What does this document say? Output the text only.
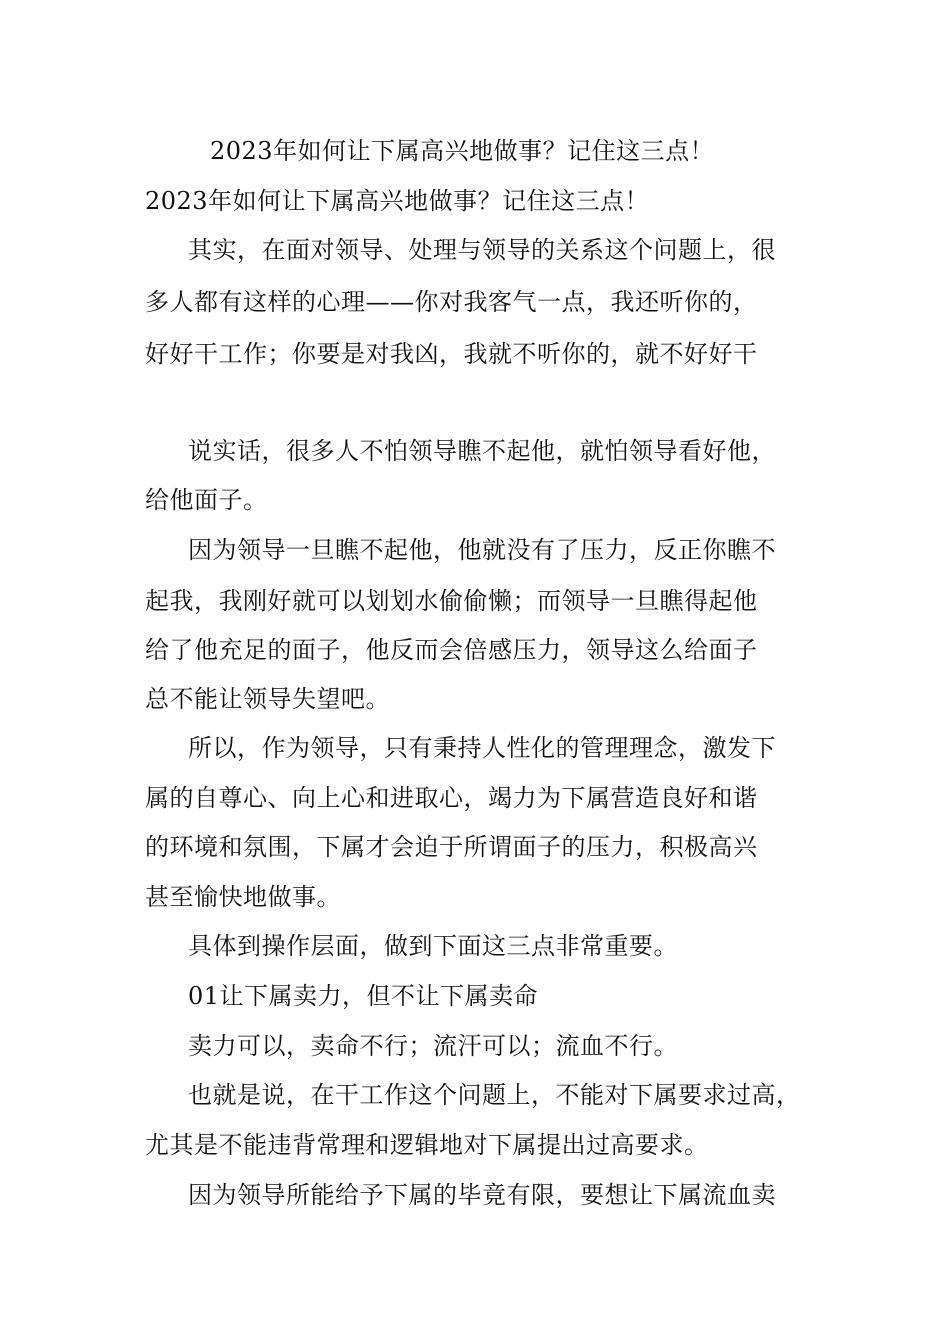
2023年如何让下属高兴地做事？记住这三点！
2023年如何让下属高兴地做事？记住这三点！
其实，在面对领导、处理与领导的关系这个问题上，很
多人都有这样的心理——你对我客气一点，我还听你的，
好好干工作；你要是对我凶，我就不听你的，就不好好干
说实话，很多人不怕领导瞧不起他，就怕领导看好他，
给他面子。
因为领导一旦瞧不起他，他就没有了压力，反正你瞧不
起我，我刚好就可以划划水偷偷懒；而领导一旦瞧得起他
给了他充足的面子，他反而会倍感压力，领导这么给面子
总不能让领导失望吧。
所以，作为领导，只有秉持人性化的管理理念，激发下
属的自尊心、向上心和进取心，竭力为下属营造良好和谐
的环境和氛围，下属才会迫于所谓面子的压力，积极高兴
甚至愉快地做事。
具体到操作层面，做到下面这三点非常重要。
01让下属卖力，但不让下属卖命
卖力可以，卖命不行；流汗可以；流血不行。
也就是说，在干工作这个问题上，不能对下属要求过高，
尤其是不能违背常理和逻辑地对下属提出过高要求。
因为领导所能给予下属的毕竟有限，要想让下属流血卖
